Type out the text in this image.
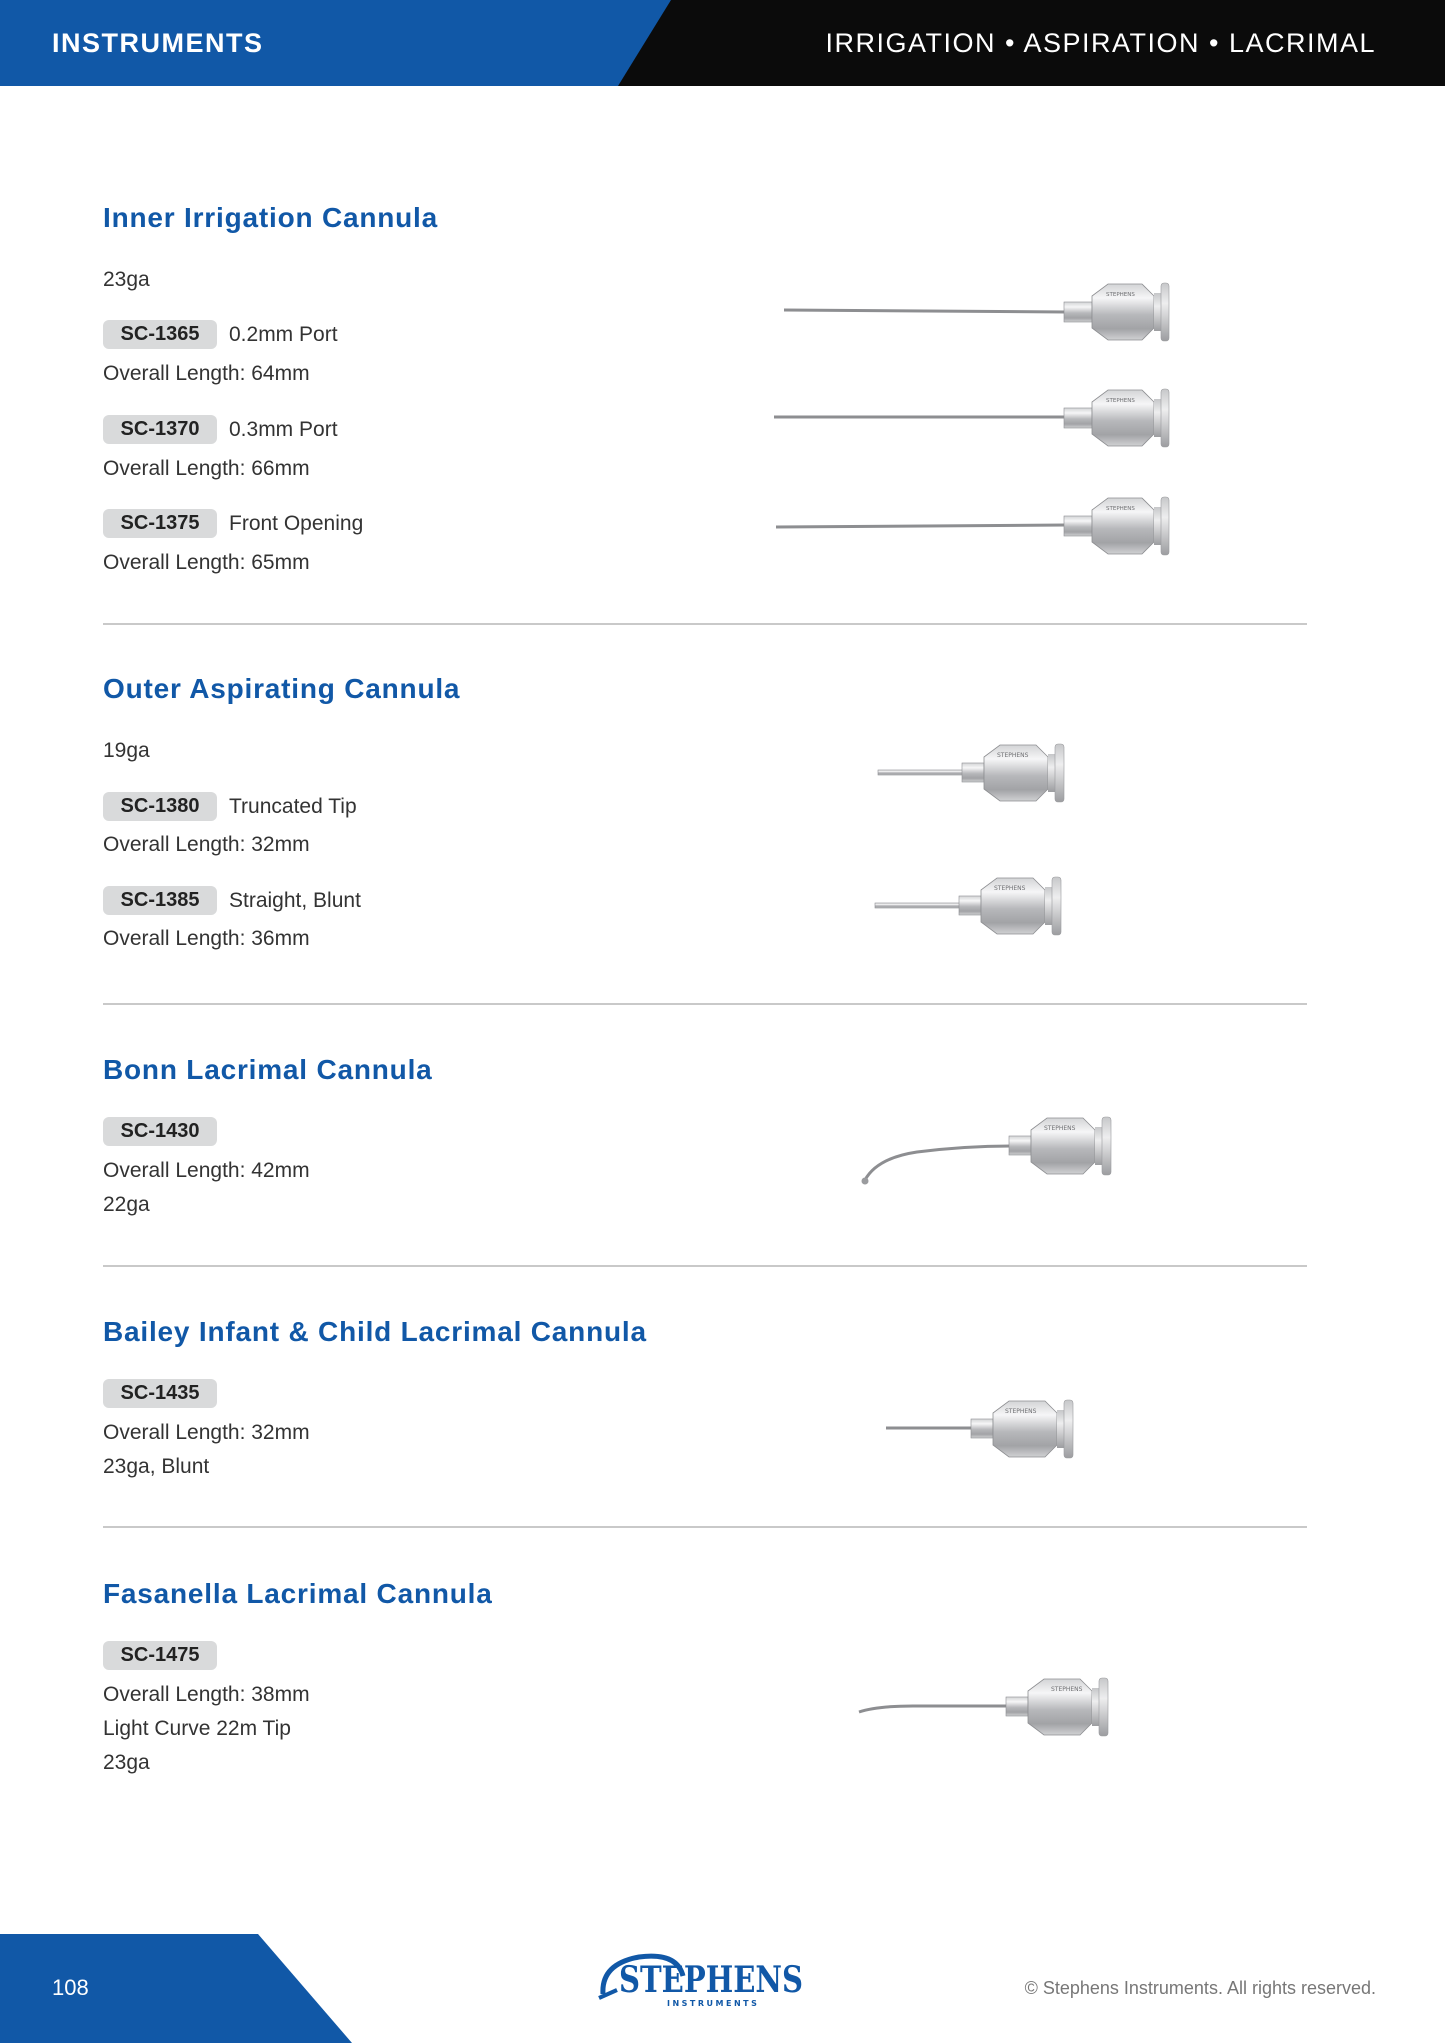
INSTRUMENTS	IRRIGATION • ASPIRATION • LACRIMAL
Inner Irrigation Cannula
23ga
SC-1365	0.2mm Port
Overall Length: 64mm
SC-1370	0.3mm Port
Overall Length: 66mm
SC-1375	Front Opening
Overall Length: 65mm
STEPHENS
STEPHENS
STEPHENS
Outer Aspirating Cannula
19ga
SC-1380	Truncated Tip
Overall Length: 32mm
SC-1385	Straight, Blunt
Overall Length: 36mm
STEPHENS
STEPHENS
Bonn Lacrimal Cannula
SC-1430
Overall Length: 42mm
22ga
STEPHENS
Bailey Infant & Child Lacrimal Cannula
SC-1435
Overall Length: 32mm
23ga, Blunt
STEPHENS
Fasanella Lacrimal Cannula
SC-1475
Overall Length: 38mm
Light Curve 22m Tip
23ga
STEPHENS
108	STEPHENS
INSTRUMENTS
© Stephens Instruments. All rights reserved.
